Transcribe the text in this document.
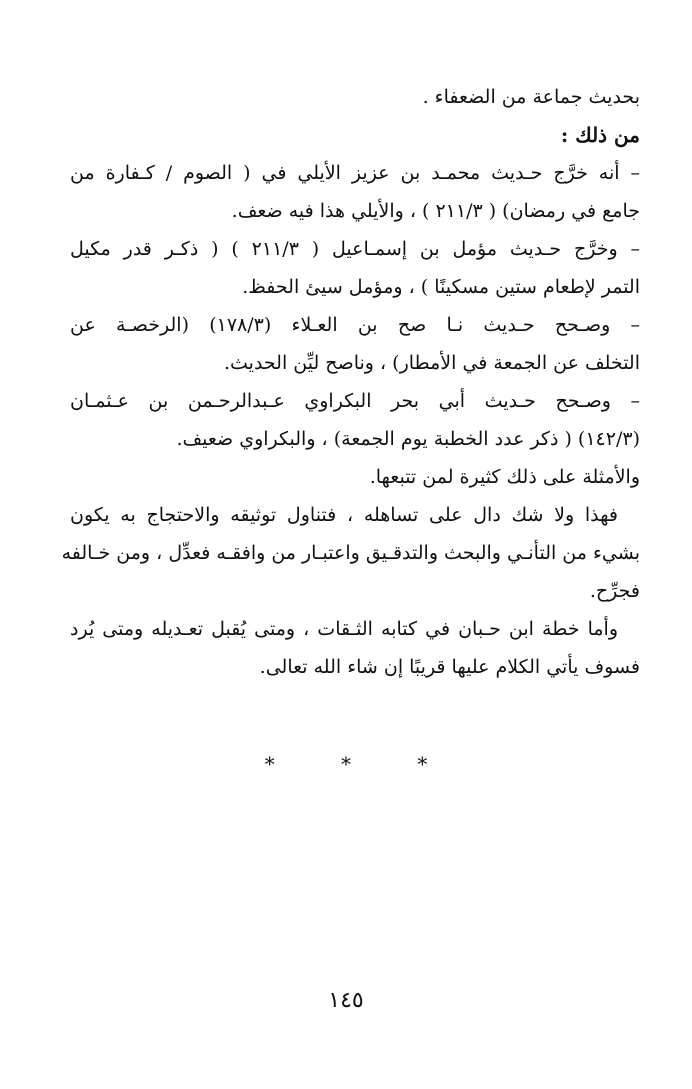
بحديث جماعة من الضعفاء .
من ذلك :
– أنه خرَّج حـديث محمـد بن عزيز الأيلي في ( الصوم / كـفارة من
جامع في رمضان) ( ٢١١/٣ ) ، والأيلي هذا فيه ضعف.
– وخرَّج حـديث مؤمل بن إسمـاعيل ( ٢١١/٣ ) ( ذكـر قدر مكيل
التمر لإطعام ستين مسكينًا ) ، ومؤمل سيئ الحفظ.
– وصـحح حـديث نـا صح بن العـلاء (١٧٨/٣) (الرخصـة عن
التخلف عن الجمعة في الأمطار) ، وناصح ليِّن الحديث.
– وصـحح حـديث أبي بحر البكراوي عـبدالرحـمن بن عـثمـان
(١٤٢/٣) ( ذكر عدد الخطبة يوم الجمعة) ، والبكراوي ضعيف.
والأمثلة على ذلك كثيرة لمن تتبعها.
فهذا ولا شك دال على تساهله ، فتناول توثيقه والاحتجاج به يكون
بشيء من التأنـي والبحث والتدقـيق واعتبـار من وافقـه فعدِّل ، ومن خـالفه
فجرِّح.
وأما خطة ابن حـبان في كتابه الثـقات ، ومتى يُقبل تعـديله ومتى يُرد
فسوف يأتي الكلام عليها قريبًا إن شاء الله تعالى.
*	*	*
١٤٥
